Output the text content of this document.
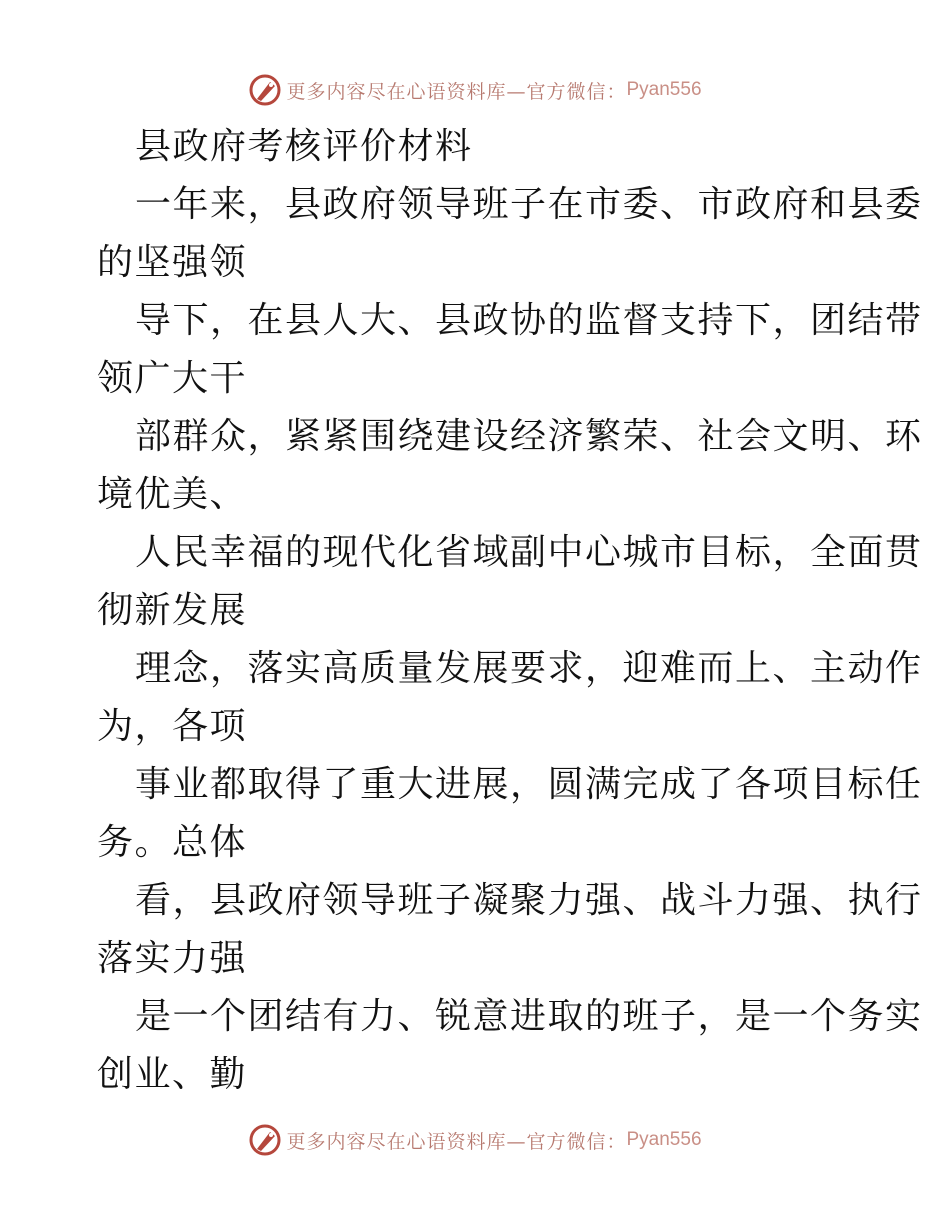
更多内容尽在心语资料库—官方微信： Pyan556
县政府考核评价材料
一年来，县政府领导班子在市委、市政府和县委
的坚强领
导下，在县人大、县政协的监督支持下，团结带
领广大干
部群众，紧紧围绕建设经济繁荣、社会文明、环
境优美、
人民幸福的现代化省域副中心城市目标，全面贯
彻新发展
理念，落实高质量发展要求，迎难而上、主动作
为，各项
事业都取得了重大进展，圆满完成了各项目标任
务。总体
看，县政府领导班子凝聚力强、战斗力强、执行
落实力强
是一个团结有力、锐意进取的班子，是一个务实
创业、勤
更多内容尽在心语资料库—官方微信： Pyan556
